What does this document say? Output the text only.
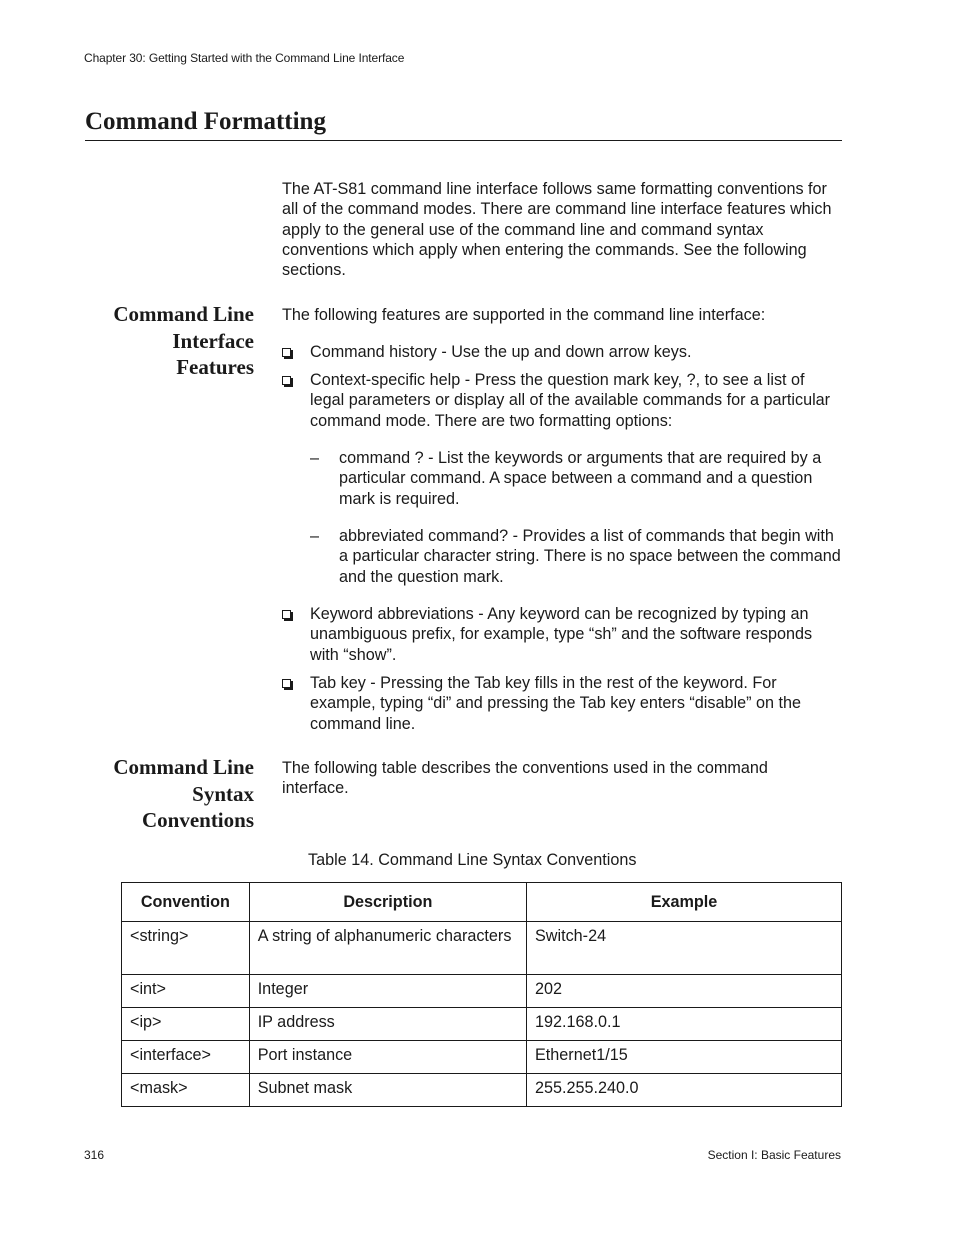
Chapter 30: Getting Started with the Command Line Interface
Command Formatting

The AT-S81 command line interface follows same formatting conventions for all of the command modes. There are command line interface features which apply to the general use of the command line and command syntax conventions which apply when entering the commands. See the following sections.

Command Line
Interface
Features

The following features are supported in the command line interface:

Command history - Use the up and down arrow keys.
Context-specific help - Press the question mark key, ?, to see a list of legal parameters or display all of the available commands for a particular command mode. There are two formatting options:
– command ? - List the keywords or arguments that are required by a particular command. A space between a command and a question mark is required.
– abbreviated command? - Provides a list of commands that begin with a particular character string. There is no space between the command and the question mark.
Keyword abbreviations - Any keyword can be recognized by typing an unambiguous prefix, for example, type “sh” and the software responds with “show”.
Tab key - Pressing the Tab key fills in the rest of the keyword. For example, typing “di” and pressing the Tab key enters “disable” on the command line.
Command Line
Syntax
Conventions

The following table describes the conventions used in the command interface.

Table 14. Command Line Syntax Conventions
Convention	Description	Example
<string>	A string of alphanumeric characters	Switch-24
<int>	Integer	202
<ip>	IP address	192.168.0.1
<interface>	Port instance	Ethernet1/15
<mask>	Subnet mask	255.255.240.0
316	Section I: Basic Features
